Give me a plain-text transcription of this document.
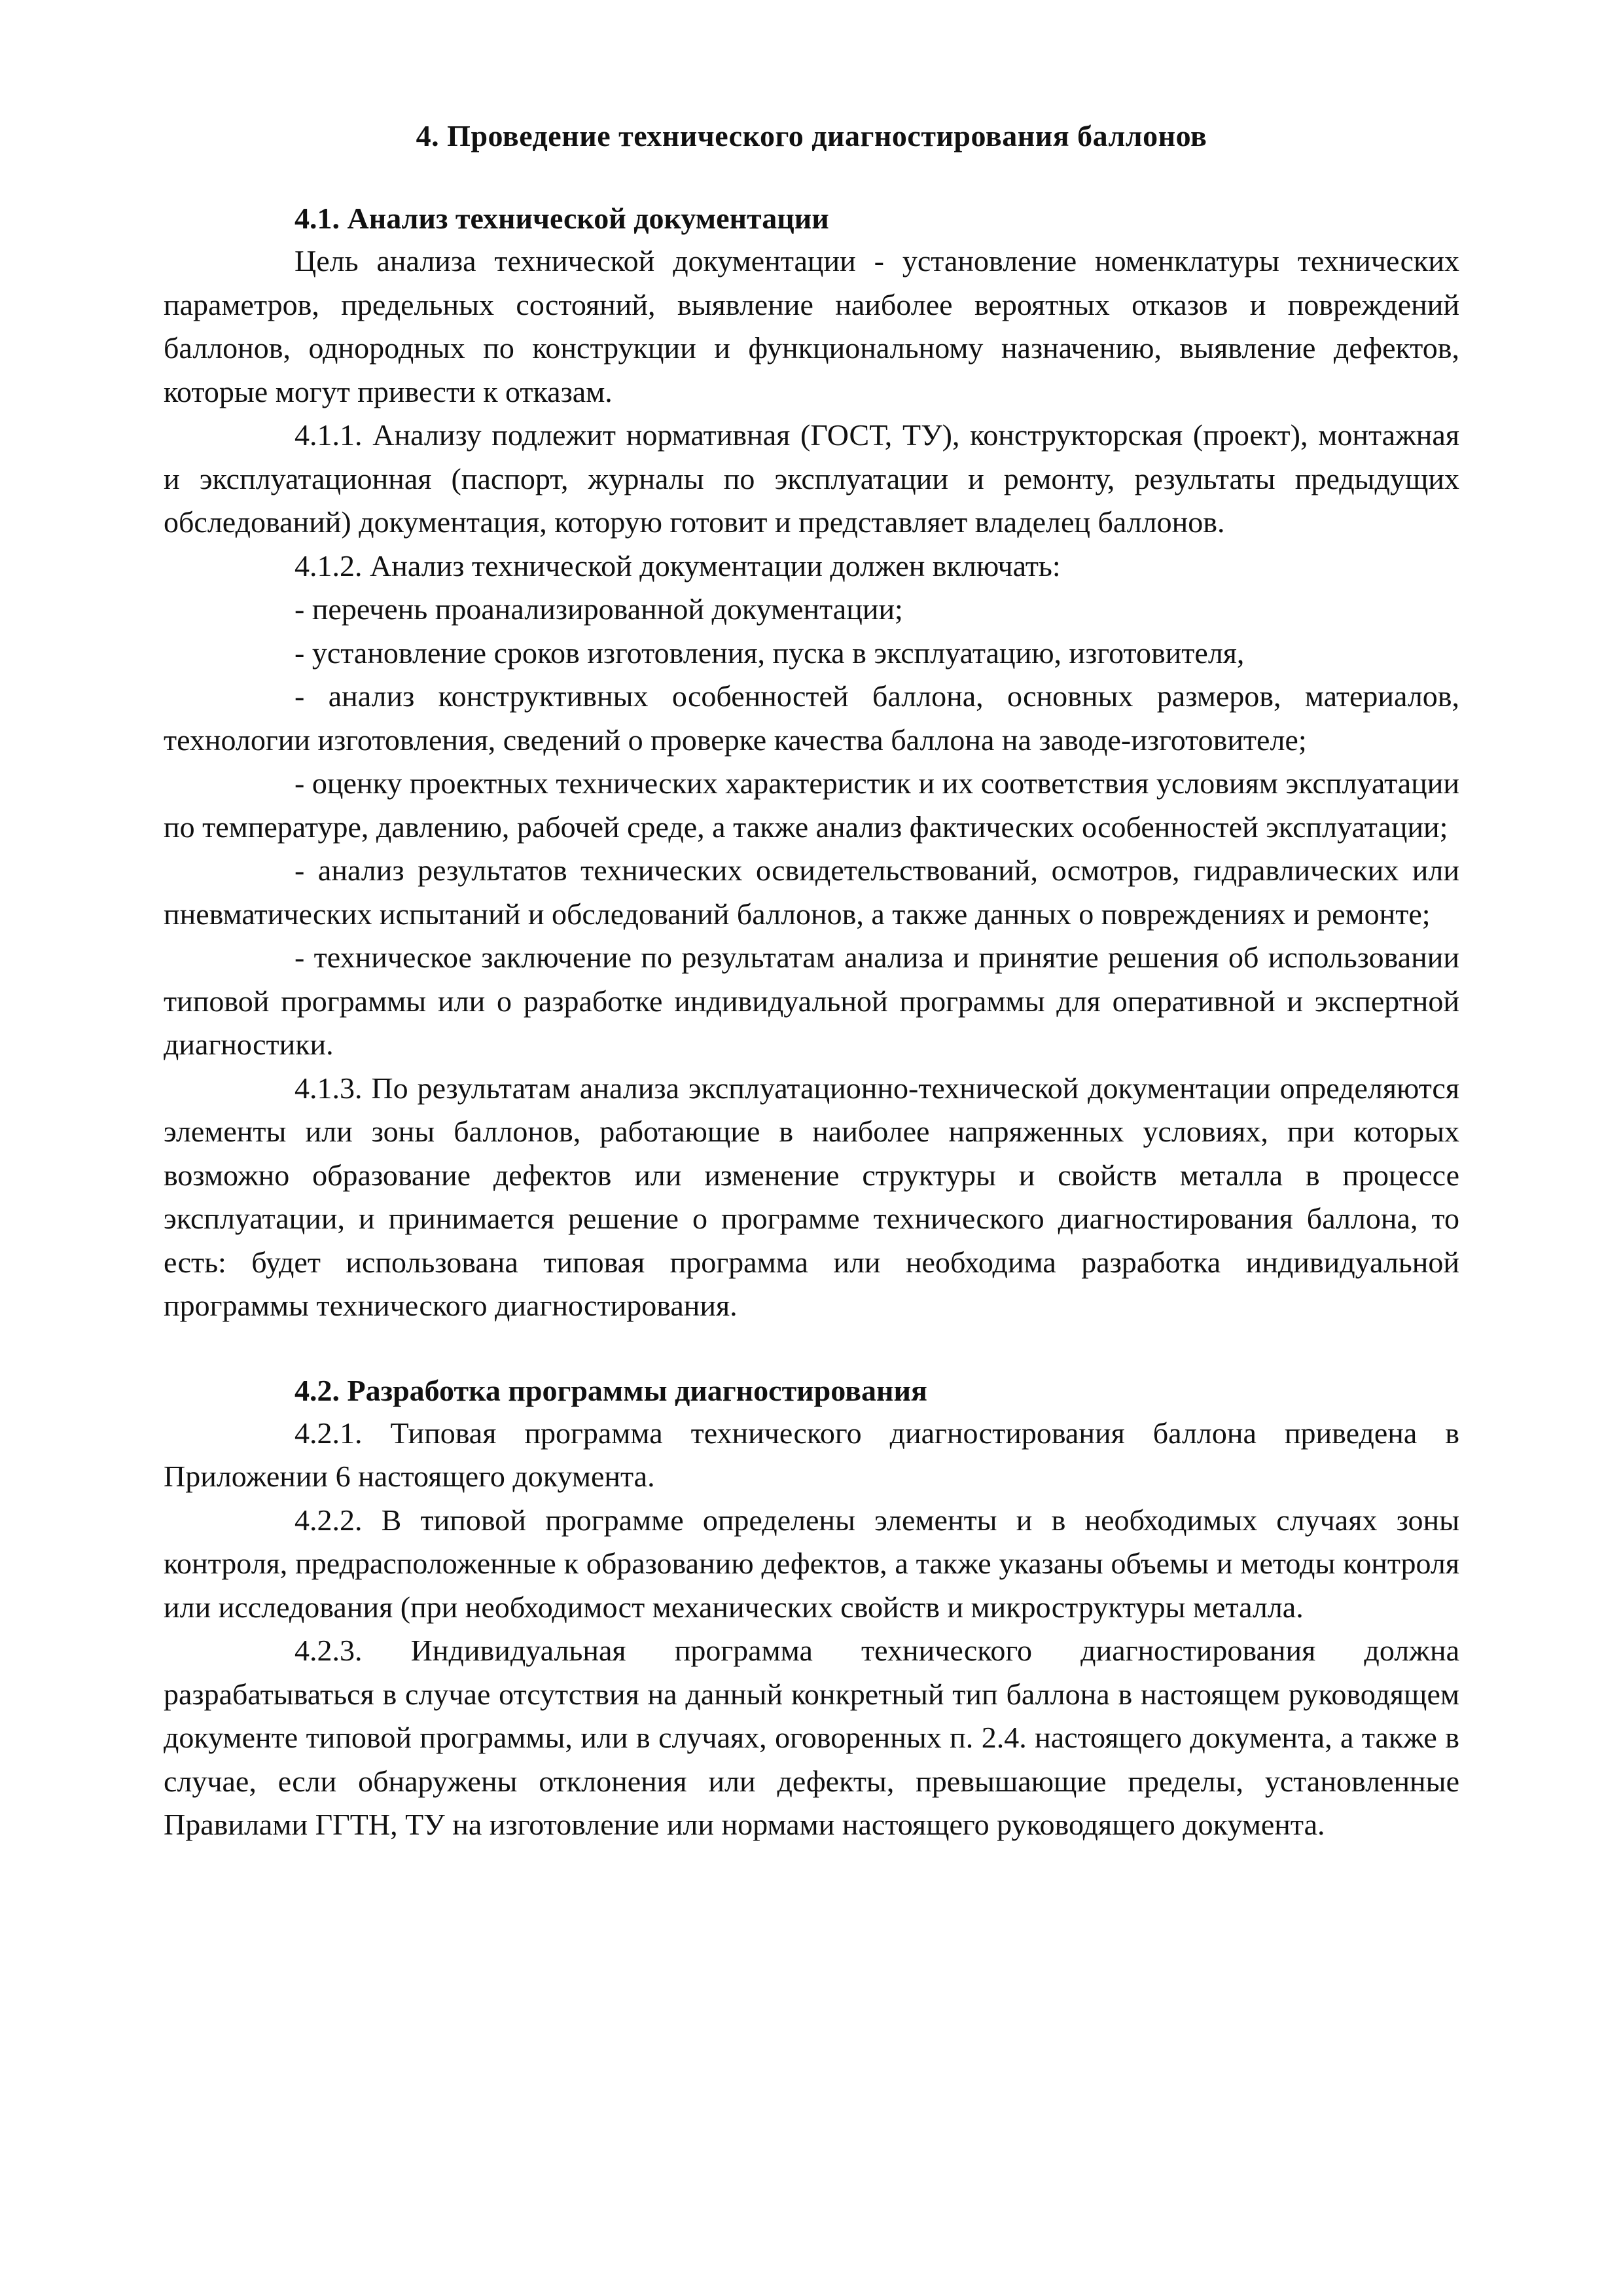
4. Проведение технического диагностирования баллонов
4.1. Анализ технической документации

Цель анализа технической документации - установление номенклатуры технических параметров, предельных состояний, выявление наиболее вероятных отказов и повреждений баллонов, однородных по конструкции и функциональному назначению, выявление дефектов, которые могут привести к отказам.

4.1.1. Анализу подлежит нормативная (ГОСТ, ТУ), конструкторская (проект), монтажная и эксплуатационная (паспорт, журналы по эксплуатации и ремонту, результаты предыдущих обследований) документация, которую готовит и представляет владелец баллонов.

4.1.2. Анализ технической документации должен включать:

- перечень проанализированной документации;

- установление сроков изготовления, пуска в эксплуатацию, изготовителя,

- анализ конструктивных особенностей баллона, основных размеров, материалов, технологии изготовления, сведений о проверке качества баллона на заводе-изготовителе;

- оценку проектных технических характеристик и их соответствия условиям эксплуатации по температуре, давлению, рабочей среде, а также анализ фактических особенностей эксплуатации;

- анализ результатов технических освидетельствований, осмотров, гидравлических или пневматических испытаний и обследований баллонов, а также данных о повреждениях и ремонте;

- техническое заключение по результатам анализа и принятие решения об использовании типовой программы или о разработке индивидуальной программы для оперативной и экспертной диагностики.

4.1.3. По результатам анализа эксплуатационно-технической документации определяются элементы или зоны баллонов, работающие в наиболее напряженных условиях, при которых возможно образование дефектов или изменение структуры и свойств металла в процессе эксплуатации, и принимается решение о программе технического диагностирования баллона, то есть: будет использована типовая программа или необходима разработка индивидуальной программы технического диагностирования.

4.2. Разработка программы диагностирования

4.2.1. Типовая программа технического диагностирования баллона приведена в Приложении 6 настоящего документа.

4.2.2. В типовой программе определены элементы и в необходимых случаях зоны контроля, предрасположенные к образованию дефектов, а также указаны объемы и методы контроля или исследования (при необходимост механических свойств и микроструктуры металла.

4.2.3. Индивидуальная программа технического диагностирования должна разрабатываться в случае отсутствия на данный конкретный тип баллона в настоящем руководящем документе типовой программы, или в случаях, оговоренных п. 2.4. настоящего документа, а также в случае, если обнаружены отклонения или дефекты, превышающие пределы, установленные Правилами ГГТН, ТУ на изготовление или нормами настоящего руководящего документа.
